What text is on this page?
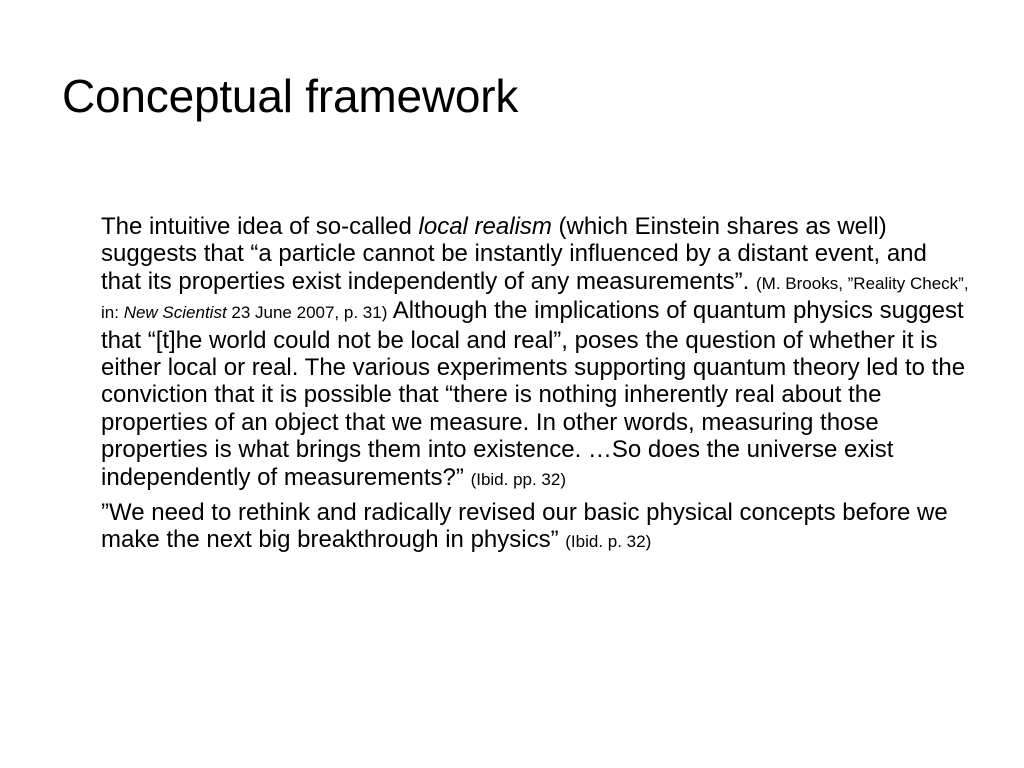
Conceptual framework

The intuitive idea of so-called local realism (which Einstein shares as well) suggests that “a particle cannot be instantly influenced by a distant event, and that its properties exist independently of any measurements”. (M. Brooks, ”Reality Check”, in: New Scientist 23 June 2007, p. 31) Although the implications of quantum physics suggest that “[t]he world could not be local and real”, poses the question of whether it is either local or real. The various experiments supporting quantum theory led to the conviction that it is possible that “there is nothing inherently real about the properties of an object that we measure. In other words, measuring those properties is what brings them into existence. …So does the universe exist independently of measurements?” (Ibid. pp. 32)

”We need to rethink and radically revised our basic physical concepts before we make the next big breakthrough in physics” (Ibid. p. 32)
